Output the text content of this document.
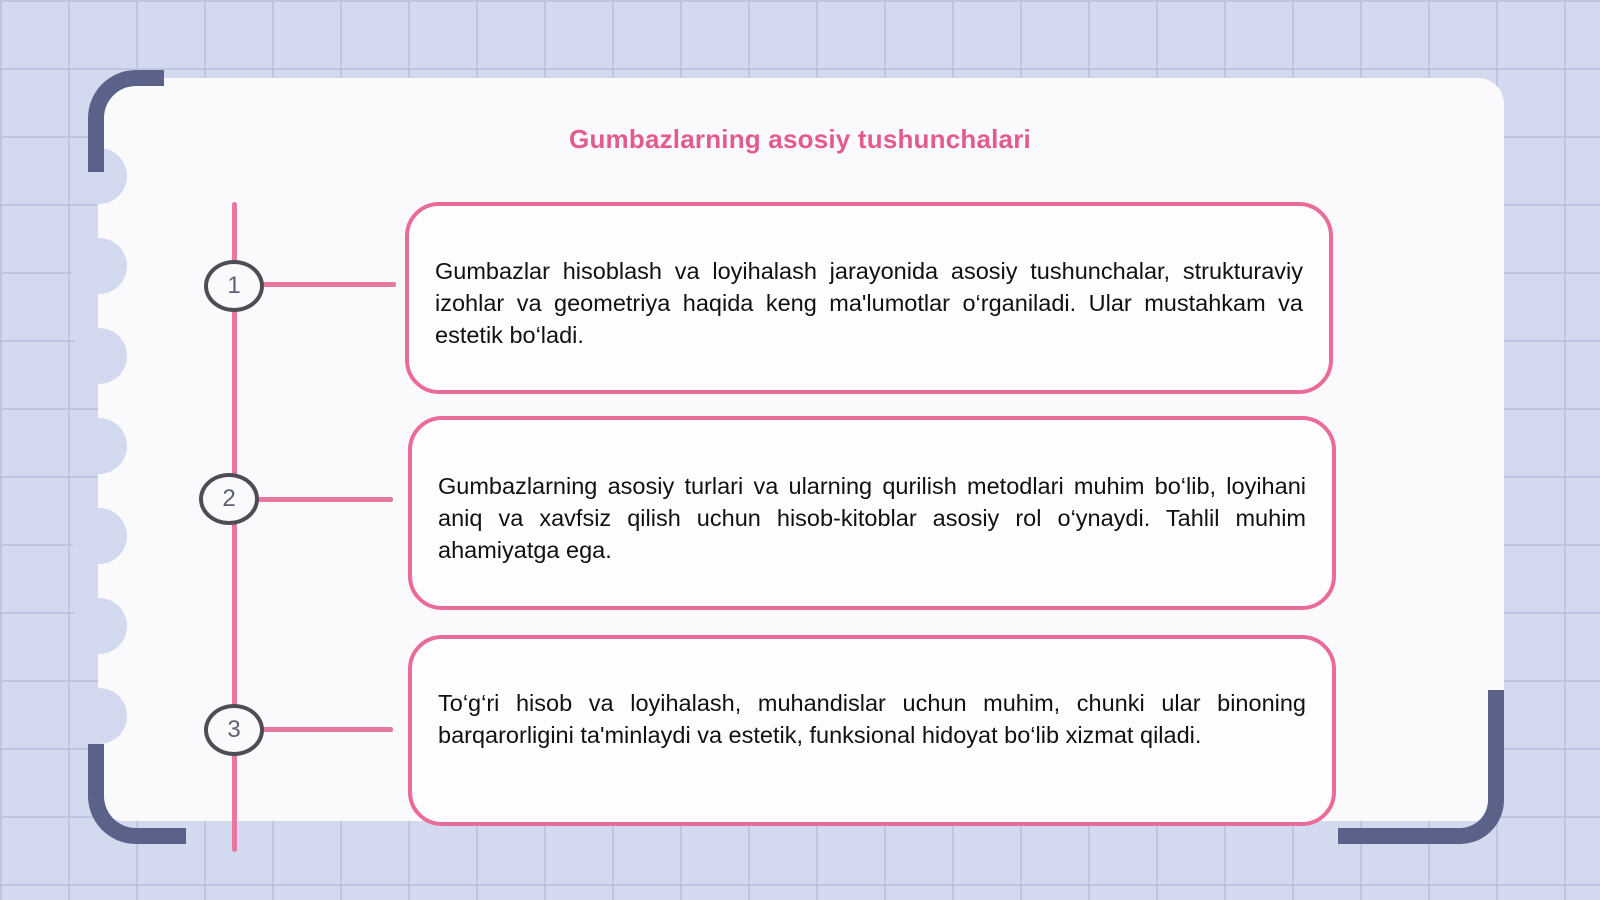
Gumbazlarning asosiy tushunchalari
1
Gumbazlar hisoblash va loyihalash jarayonida asosiy tushunchalar, strukturaviy izohlar va geometriya haqida keng ma'lumotlar o‘rganiladi. Ular mustahkam va estetik bo‘ladi.
2	Gumbazlarning asosiy turlari va ularning qurilish metodlari muhim bo‘lib, loyihani aniq va xavfsiz qilish uchun hisob-kitoblar asosiy rol o‘ynaydi. Tahlil muhim ahamiyatga ega.
3
To‘g‘ri hisob va loyihalash, muhandislar uchun muhim, chunki ular binoning barqarorligini ta'minlaydi va estetik, funksional hidoyat bo‘lib xizmat qiladi.
